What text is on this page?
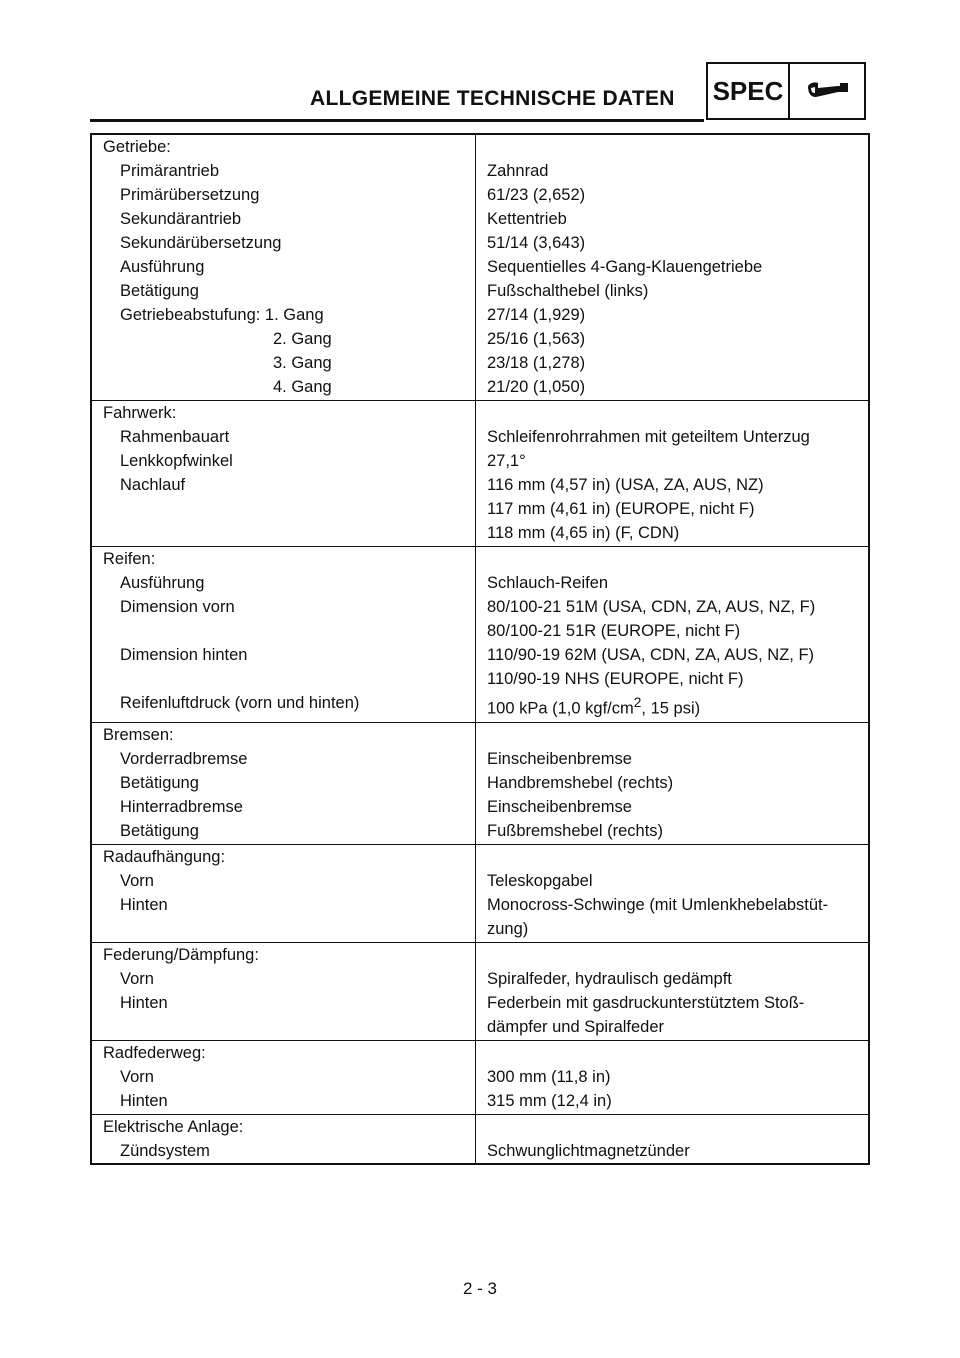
ALLGEMEINE TECHNISCHE DATEN SPEC
Getriebe:	
Primärantrieb	Zahnrad
Primärübersetzung	61/23 (2,652)
Sekundärantrieb	Kettentrieb
Sekundärübersetzung	51/14 (3,643)
Ausführung	Sequentielles 4-Gang-Klauengetriebe
Betätigung	Fußschalthebel (links)
Getriebeabstufung: 1. Gang	27/14 (1,929)
2. Gang	25/16 (1,563)
3. Gang	23/18 (1,278)
4. Gang	21/20 (1,050)
Fahrwerk:	
Rahmenbauart	Schleifenrohrrahmen mit geteiltem Unterzug
Lenkkopfwinkel	27,1°
Nachlauf	116 mm (4,57 in) (USA, ZA, AUS, NZ)
	117 mm (4,61 in) (EUROPE, nicht F)
	118 mm (4,65 in) (F, CDN)
Reifen:	
Ausführung	Schlauch-Reifen
Dimension vorn	80/100-21 51M (USA, CDN, ZA, AUS, NZ, F)
	80/100-21 51R (EUROPE, nicht F)
Dimension hinten	110/90-19 62M (USA, CDN, ZA, AUS, NZ, F)
	110/90-19 NHS (EUROPE, nicht F)
Reifenluftdruck (vorn und hinten)	100 kPa (1,0 kgf/$cm^2$, 15 psi)
Bremsen:	
Vorderradbremse	Einscheibenbremse
Betätigung	Handbremshebel (rechts)
Hinterradbremse	Einscheibenbremse
Betätigung	Fußbremshebel (rechts)
Radaufhängung:	
Vorn	Teleskopgabel
Hinten	Monocross-Schwinge (mit Umlenkhebelabstüt-
	zung)
Federung/Dämpfung:	
Vorn	Spiralfeder, hydraulisch gedämpft
Hinten	Federbein mit gasdruckunterstütztem Stoß-
	dämpfer und Spiralfeder
Radfederweg:	
Vorn	300 mm (11,8 in)
Hinten	315 mm (12,4 in)
Elektrische Anlage:	
Zündsystem	Schwunglichtmagnetzünder
2 - 3
